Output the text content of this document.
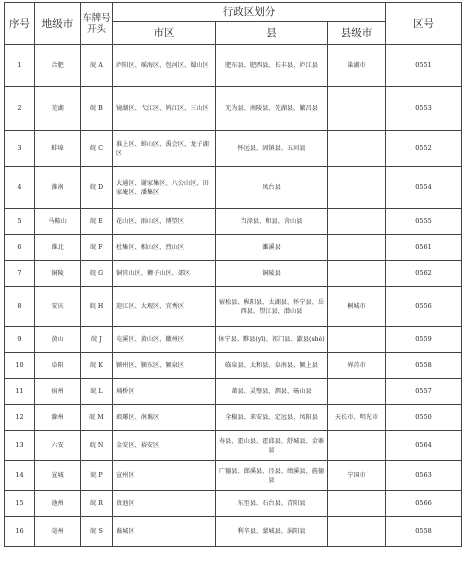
序号	地级市	车牌号开头	行政区划分			区号
			市区	县	县级市	
1	合肥	皖 A	庐阳区、瑶海区、包河区、蜀山区	肥东县、肥西县、长丰县、庐江县	巢湖市	0551
2	芜湖	皖 B	镜湖区、弋江区、鸠江区、三山区	无为县、南陵县、芜湖县、繁昌县		0553
3	蚌埠	皖 C	淮上区、蚌山区、禹会区、龙子湖区	怀远县、固镇县、五河县		0552
4	淮南	皖 D	大通区、谢家集区、八公山区、田家庵区、潘集区	凤台县		0554
5	马鞍山	皖 E	花山区、雨山区、博望区	当涂县、和县、含山县		0555
6	淮北	皖 F	杜集区、相山区、烈山区	濉溪县		0561
7	铜陵	皖 G	铜官山区、狮子山区、郊区	铜陵县		0562
8	安庆	皖 H	迎江区、大观区、宜秀区	宿松县、枞阳县、太湖县、怀宁县、岳西县、望江县、潜山县	桐城市	0556
9	黄山	皖 J	屯溪区、黄山区、徽州区	休宁县、黟县(yī)、祁门县、歙县(shè)		0559
10	阜阳	皖 K	颍州区、颍东区、颍泉区	临泉县、太和县、阜南县、颍上县	界首市	0558
11	宿州	皖 L	埇桥区	萧县、灵璧县、泗县、砀山县		0557
12	滁州	皖 M	琅琊区、南谯区	全椒县、来安县、定远县、凤阳县	天长市、明光市	0550
13	六安	皖 N	金安区、裕安区	寿县、霍山县、霍邱县、舒城县、金寨县		0564
14	宣城	皖 P	宣州区	广德县、郎溪县、泾县、绩溪县、旌德县	宁国市	0563
15	池州	皖 R	贵池区	东至县、石台县、青阳县		0566
16	亳州	皖 S	谯城区	利辛县、蒙城县、涡阳县		0558
